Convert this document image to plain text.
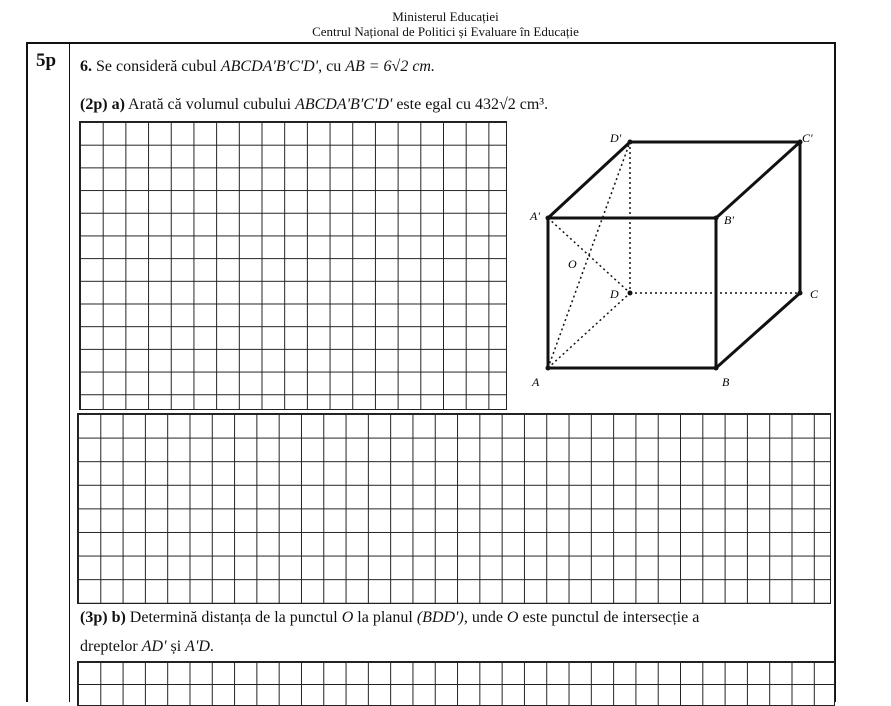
Ministerul Educației
Centrul Național de Politici și Evaluare în Educație
5p 6. Se consideră cubul ABCDA'B'C'D', cu AB = 6√2 cm.
(2p) a) Arată că volumul cubului ABCDA'B'C'D' este egal cu 432√2 cm³.
A	B
C
D
A'	B'
C'
D'
O
(3p) b) Determină distanța de la punctul O la planul (BDD'), unde O este punctul de intersecție a
dreptelor AD' și A'D.
